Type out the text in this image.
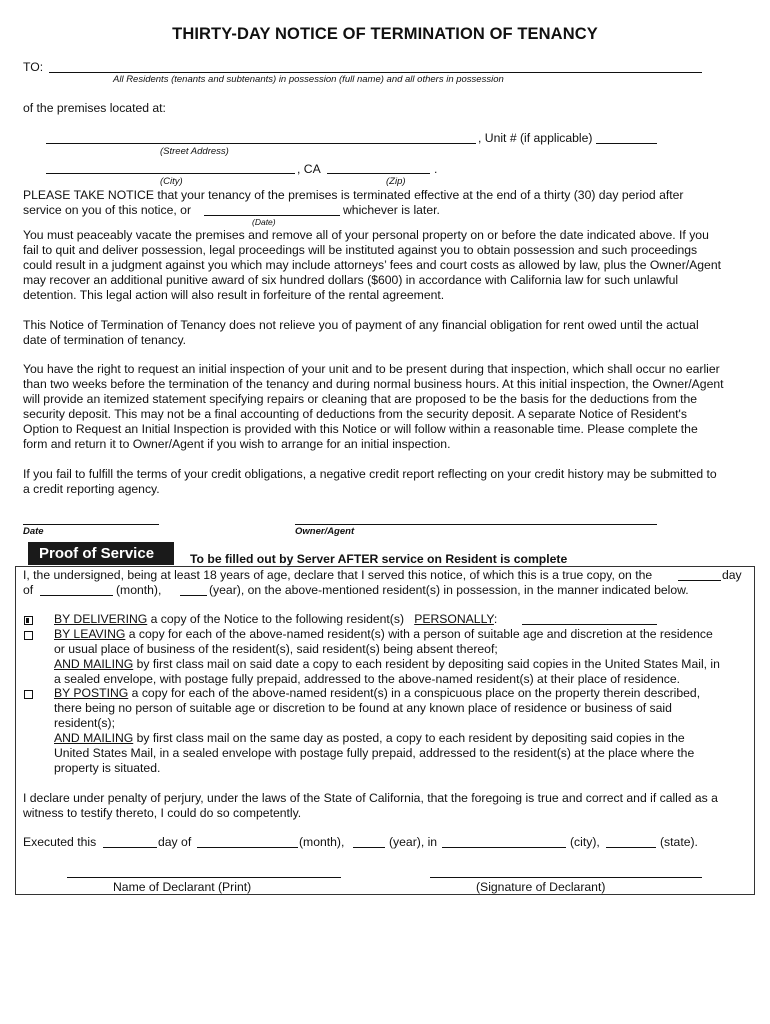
THIRTY-DAY NOTICE OF TERMINATION OF TENANCY
TO:
All Residents (tenants and subtenants) in possession (full name) and all others in possession
of the premises located at:
, Unit # (if applicable)
(Street Address)
, CA	.
(City)	(Zip)
PLEASE TAKE NOTICE that your tenancy of the premises is terminated effective at the end of a thirty (30) day period after
service on you of this notice, or	whichever is later.
(Date)
You must peaceably vacate the premises and remove all of your personal property on or before the date indicated above. If you
fail to quit and deliver possession, legal proceedings will be instituted against you to obtain possession and such proceedings
could result in a judgment against you which may include attorneys’ fees and court costs as allowed by law, plus the Owner/Agent
may recover an additional punitive award of six hundred dollars ($600) in accordance with California law for such unlawful
detention. This legal action will also result in forfeiture of the rental agreement.
This Notice of Termination of Tenancy does not relieve you of payment of any financial obligation for rent owed until the actual
date of termination of tenancy.
You have the right to request an initial inspection of your unit and to be present during that inspection, which shall occur no earlier
than two weeks before the termination of the tenancy and during normal business hours. At this initial inspection, the Owner/Agent
will provide an itemized statement specifying repairs or cleaning that are proposed to be the basis for the deductions from the
security deposit. This may not be a final accounting of deductions from the security deposit. A separate Notice of Resident's
Option to Request an Initial Inspection is provided with this Notice or will follow within a reasonable time. Please complete the
form and return it to Owner/Agent if you wish to arrange for an initial inspection.
If you fail to fulfill the terms of your credit obligations, a negative credit report reflecting on your credit history may be submitted to
a credit reporting agency.
Date	Owner/Agent
Proof of Service	To be filled out by Server AFTER service on Resident is complete
I, the undersigned, being at least 18 years of age, declare that I served this notice, of which this is a true copy, on the	day
of	(month),	(year), on the above-mentioned resident(s) in possession, in the manner indicated below.
BY DELIVERING a copy of the Notice to the following resident(s) PERSONALLY:
BY LEAVING a copy for each of the above-named resident(s) with a person of suitable age and discretion at the residence
or usual place of business of the resident(s), said resident(s) being absent thereof;
AND MAILING by first class mail on said date a copy to each resident by depositing said copies in the United States Mail, in
a sealed envelope, with postage fully prepaid, addressed to the above-named resident(s) at their place of residence.
BY POSTING a copy for each of the above-named resident(s) in a conspicuous place on the property therein described,
there being no person of suitable age or discretion to be found at any known place of residence or business of said
resident(s);
AND MAILING by first class mail on the same day as posted, a copy to each resident by depositing said copies in the
United States Mail, in a sealed envelope with postage fully prepaid, addressed to the resident(s) at the place where the
property is situated.
I declare under penalty of perjury, under the laws of the State of California, that the foregoing is true and correct and if called as a
witness to testify thereto, I could do so competently.
Executed this	day of	(month),	(year), in	(city),	(state).
Name of Declarant (Print)	(Signature of Declarant)
